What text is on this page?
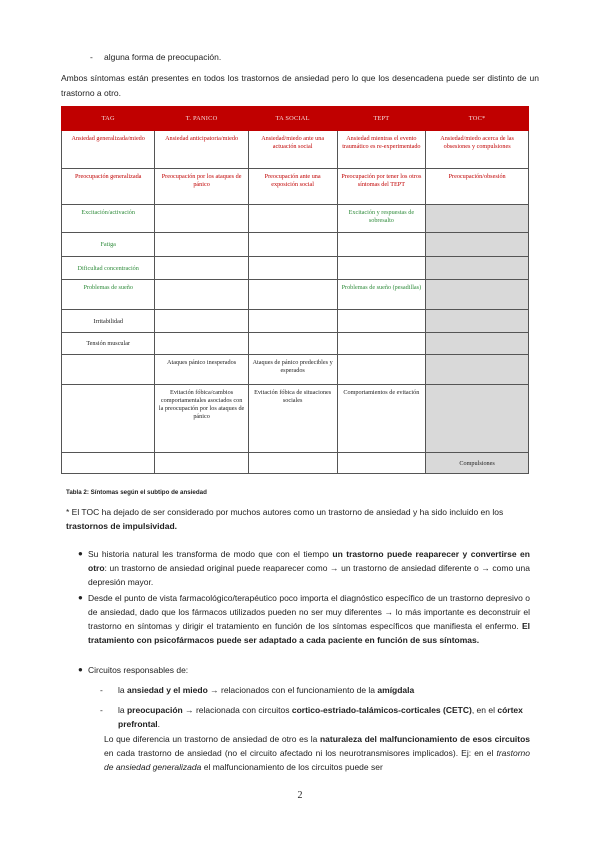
- alguna forma de preocupación.
Ambos síntomas están presentes en todos los trastornos de ansiedad pero lo que los desencadena puede ser distinto de un trastorno a otro.
TAG	T. PANICO	TA SOCIAL	TEPT	TOC*
Ansiedad generalizada/miedo	Ansiedad anticipatoria/miedo	Ansiedad/miedo ante una actuación social	Ansiedad mientras el evento traumático es re-experimentado	Ansiedad/miedo acerca de las obsesiones y compulsiones
Preocupación generalizada	Preocupación por los ataques de pánico	Preocupación ante una exposición social	Preocupación por tener los otros síntomas del TEPT	Preocupación/obsesión
Excitación/activación			Excitación y respuestas de sobresalto	
Fatiga				
Dificultad concentración				
Problemas de sueño			Problemas de sueño (pesadillas)	
Irritabilidad				
Tensión muscular				
	Ataques pánico inesperados	Ataques de pánico predecibles y esperados		
	Evitación fóbica/cambios comportamentales asociados con la preocupación por los ataques de pánico	Evitación fóbica de situaciones sociales	Comportamientos de evitación	
				Compulsiones
Tabla 2: Síntomas según el subtipo de ansiedad
* El TOC ha dejado de ser considerado por muchos autores como un trastorno de ansiedad y ha sido incluido en los trastornos de impulsividad.
● Su historia natural les transforma de modo que con el tiempo un trastorno puede reaparecer y convertirse en otro: un trastorno de ansiedad original puede reaparecer como → un trastorno de ansiedad diferente o → como una depresión mayor.
● Desde el punto de vista farmacológico/terapéutico poco importa el diagnóstico específico de un trastorno depresivo o de ansiedad, dado que los fármacos utilizados pueden no ser muy diferentes → lo más importante es deconstruir el trastorno en síntomas y dirigir el tratamiento en función de los síntomas específicos que manifiesta el enfermo. El tratamiento con psicofármacos puede ser adaptado a cada paciente en función de sus síntomas.
● Circuitos responsables de:
- la ansiedad y el miedo → relacionados con el funcionamiento de la amígdala
- la preocupación → relacionada con circuitos cortico-estriado-talámicos-corticales (CETC), en el córtex prefrontal.
Lo que diferencia un trastorno de ansiedad de otro es la naturaleza del malfuncionamiento de esos circuitos en cada trastorno de ansiedad (no el circuito afectado ni los neurotransmisores implicados). Ej: en el trastorno de ansiedad generalizada el malfuncionamiento de los circuitos puede ser
2
